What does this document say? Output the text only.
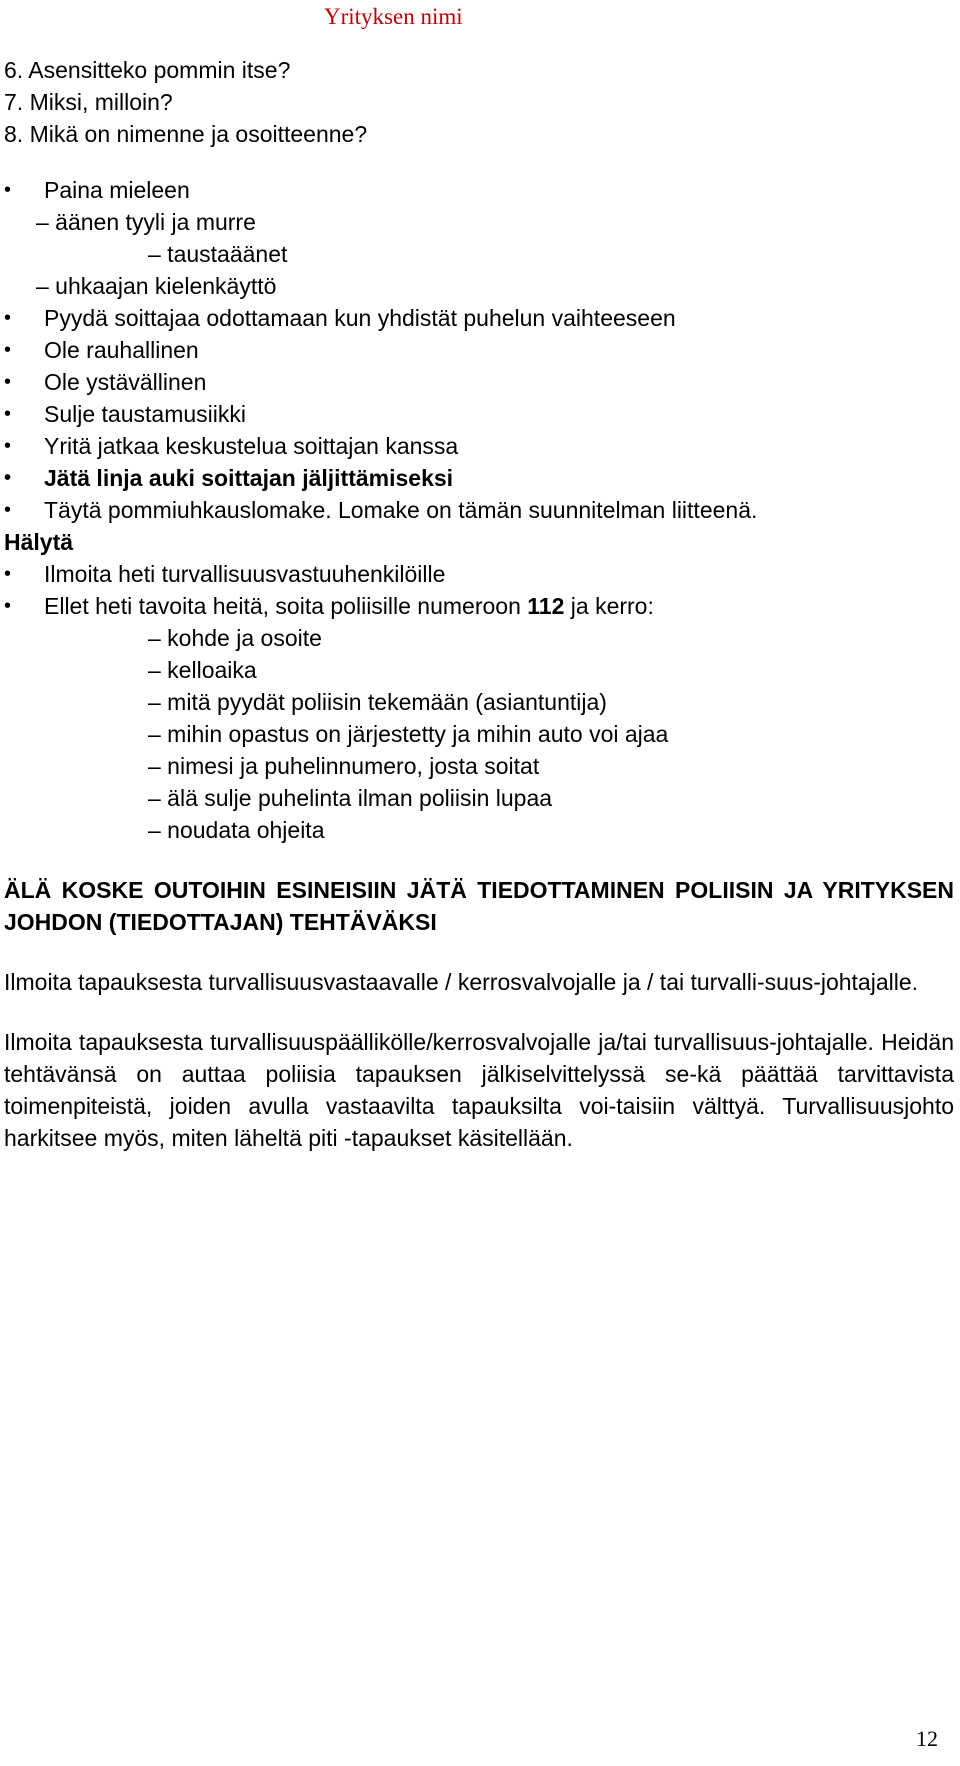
Yrityksen nimi
6. Asensitteko pommin itse?
7. Miksi, milloin?
8. Mikä on nimenne ja osoitteenne?
• Paina mieleen
– äänen tyyli ja murre
– taustaäänet
– uhkaajan kielenkäyttö
• Pyydä soittajaa odottamaan kun yhdistät puhelun vaihteeseen
• Ole rauhallinen
• Ole ystävällinen
• Sulje taustamusiikki
• Yritä jatkaa keskustelua soittajan kanssa
• Jätä linja auki soittajan jäljittämiseksi
• Täytä pommiuhkauslomake. Lomake on tämän suunnitelman liitteenä.
Hälytä
• Ilmoita heti turvallisuusvastuuhenkilöille
• Ellet heti tavoita heitä, soita poliisille numeroon 112 ja kerro:
– kohde ja osoite
– kelloaika
– mitä pyydät poliisin tekemään (asiantuntija)
– mihin opastus on järjestetty ja mihin auto voi ajaa
– nimesi ja puhelinnumero, josta soitat
– älä sulje puhelinta ilman poliisin lupaa
– noudata ohjeita
ÄLÄ KOSKE OUTOIHIN ESINEISIIN JÄTÄ TIEDOTTAMINEN POLIISIN JA YRITYKSEN JOHDON (TIEDOTTAJAN) TEHTÄVÄKSI
Ilmoita tapauksesta turvallisuusvastaavalle / kerrosvalvojalle ja / tai turvalli-suus-johtajalle.
Ilmoita tapauksesta turvallisuuspäällikölle/kerrosvalvojalle ja/tai turvallisuus-johtajalle. Heidän tehtävänsä on auttaa poliisia tapauksen jälkiselvittelyssä se-kä päättää tarvittavista toimenpiteistä, joiden avulla vastaavilta tapauksilta voi-taisiin välttyä. Turvallisuusjohto harkitsee myös, miten läheltä piti -tapaukset käsitellään.
12
